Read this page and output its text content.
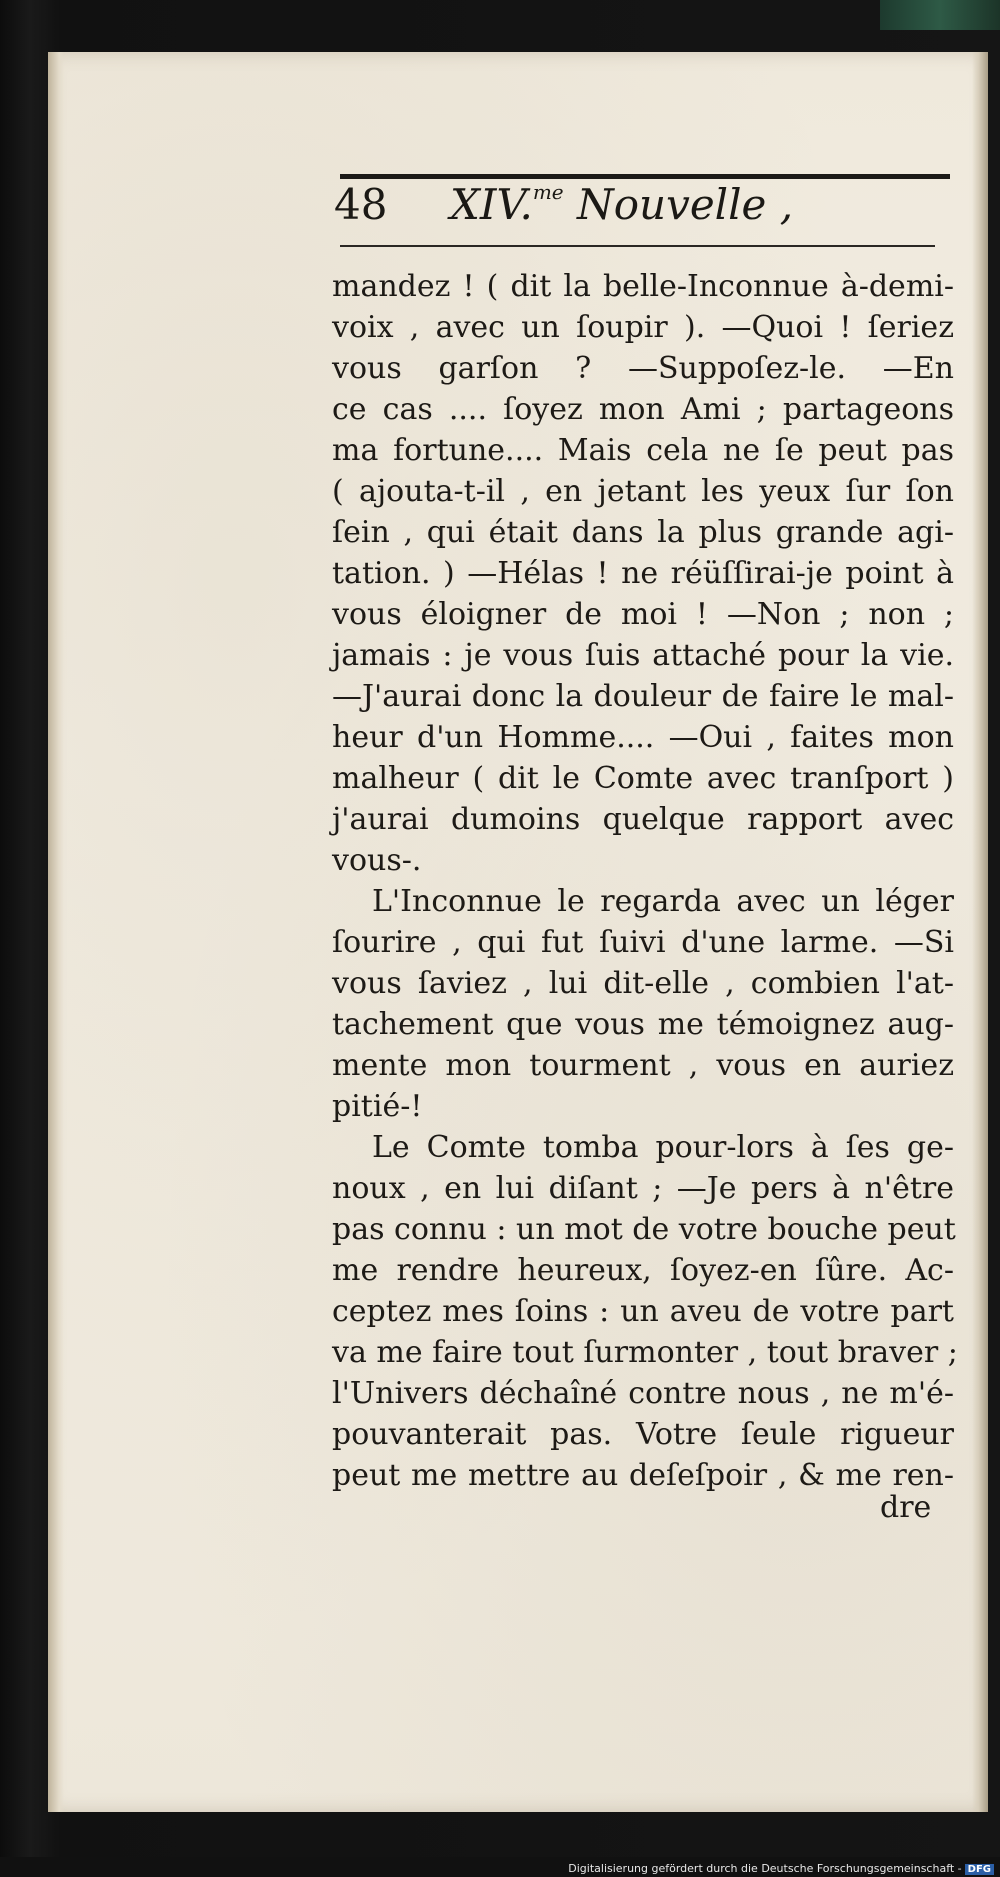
48 XIV.$^{me}$ Nouvelle ,
mandez ! ( dit la belle-Inconnue à-demi-
voix , avec un ſoupir ). —Quoi ! ſeriez
vous garſon ? —Suppoſez-le. —En
ce cas .... ſoyez mon Ami ; partageons
ma fortune.... Mais cela ne ſe peut pas
( ajouta-t-il , en jetant les yeux ſur ſon
ſein , qui était dans la plus grande agi-
tation. ) —Hélas ! ne réüſſirai-je point à
vous éloigner de moi ! —Non ; non ;
jamais : je vous ſuis attaché pour la vie.
—J'aurai donc la douleur de faire le mal-
heur d'un Homme.... —Oui , faites mon
malheur ( dit le Comte avec tranſport )
j'aurai dumoins quelque rapport avec
vous-.
L'Inconnue le regarda avec un léger
ſourire , qui fut ſuivi d'une larme. —Si
vous ſaviez , lui dit-elle , combien l'at-
tachement que vous me témoignez aug-
mente mon tourment , vous en auriez
pitié-!
Le Comte tomba pour-lors à ſes ge-
noux , en lui diſant ; —Je pers à n'être
pas connu : un mot de votre bouche peut
me rendre heureux, ſoyez-en ſûre. Ac-
ceptez mes ſoins : un aveu de votre part
va me faire tout ſurmonter , tout braver ;
l'Univers déchaîné contre nous , ne m'é-
pouvanterait pas. Votre ſeule rigueur
peut me mettre au deſeſpoir , & me ren-
dre
Digitalisierung gefördert durch die Deutsche Forschungsgemeinschaft - DFG
